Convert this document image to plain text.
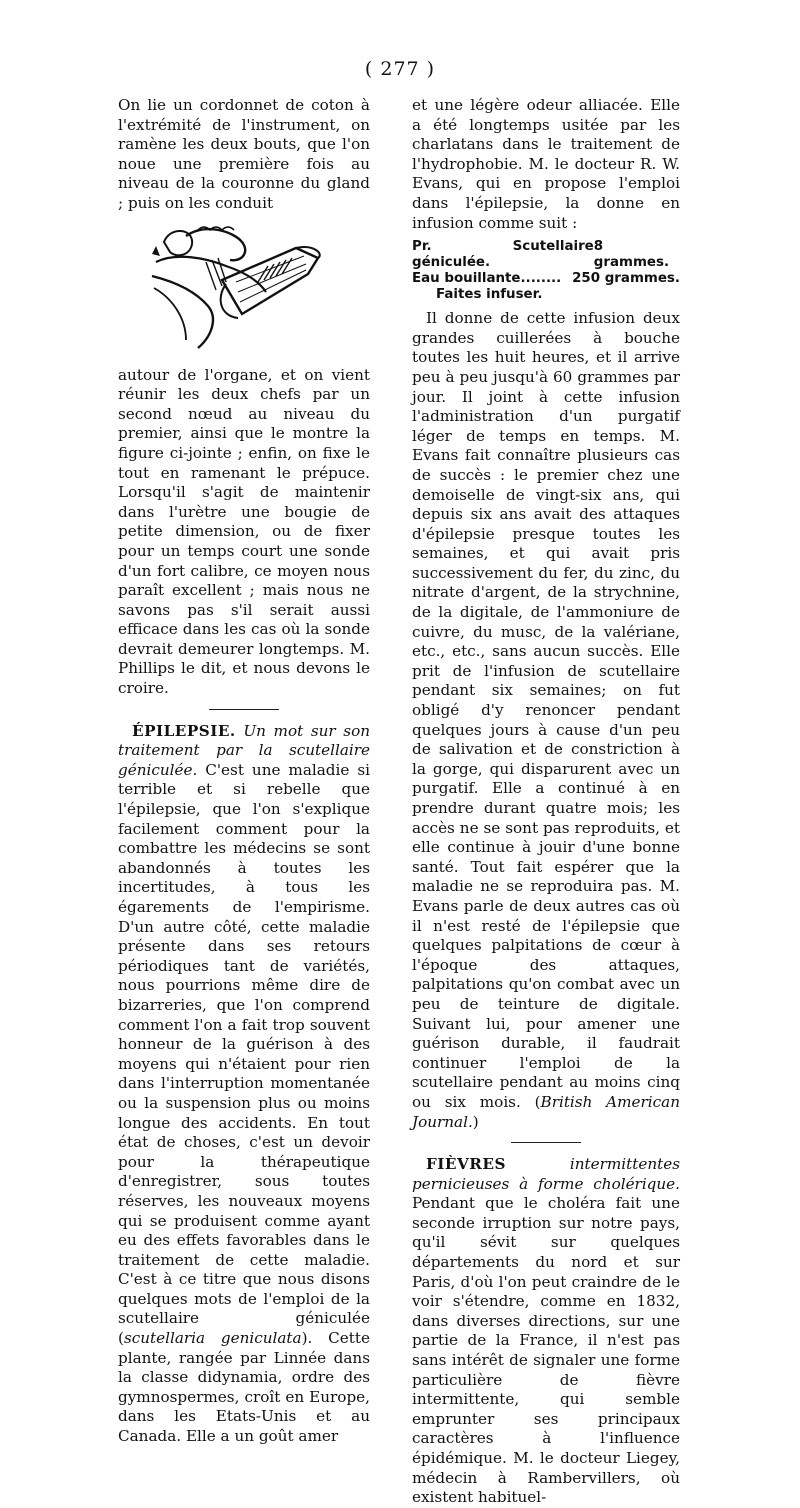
( 277 )

On lie un cordonnet de coton à l'extrémité de l'instrument, on ramène les deux bouts, que l'on noue une première fois au niveau de la couronne du gland ; puis on les conduit

autour de l'organe, et on vient réunir les deux chefs par un second nœud au niveau du premier, ainsi que le montre la figure ci-jointe ; enfin, on fixe le tout en ramenant le prépuce. Lorsqu'il s'agit de maintenir dans l'urètre une bougie de petite dimension, ou de fixer pour un temps court une sonde d'un fort calibre, ce moyen nous paraît excellent ; mais nous ne savons pas s'il serait aussi efficace dans les cas où la sonde devrait demeurer longtemps. M. Phillips le dit, et nous devons le croire.

ÉPILEPSIE. Un mot sur son traitement par la scutellaire géniculée. C'est une maladie si terrible et si rebelle que l'épilepsie, que l'on s'explique facilement comment pour la combattre les médecins se sont abandonnés à toutes les incertitudes, à tous les égarements de l'empirisme. D'un autre côté, cette maladie présente dans ses retours périodiques tant de variétés, nous pourrions même dire de bizarreries, que l'on comprend comment l'on a fait trop souvent honneur de la guérison à des moyens qui n'étaient pour rien dans l'interruption momentanée ou la suspension plus ou moins longue des accidents. En tout état de choses, c'est un devoir pour la thérapeutique d'enregistrer, sous toutes réserves, les nouveaux moyens qui se produisent comme ayant eu des effets favorables dans le traitement de cette maladie. C'est à ce titre que nous disons quelques mots de l'emploi de la scutellaire géniculée (scutellaria geniculata). Cette plante, rangée par Linnée dans la classe didynamia, ordre des gymnospermes, croît en Europe, dans les Etats-Unis et au Canada. Elle a un goût amer

et une légère odeur alliacée. Elle a été longtemps usitée par les charlatans dans le traitement de l'hydrophobie. M. le docteur R. W. Evans, qui en propose l'emploi dans l'épilepsie, la donne en infusion comme suit :

Pr. Scutellaire géniculée.
8 grammes.
Eau bouillante........ 250 grammes.
Faites infuser.

Il donne de cette infusion deux grandes cuillerées à bouche toutes les huit heures, et il arrive peu à peu jusqu'à 60 grammes par jour. Il joint à cette infusion l'administration d'un purgatif léger de temps en temps. M. Evans fait connaître plusieurs cas de succès : le premier chez une demoiselle de vingt-six ans, qui depuis six ans avait des attaques d'épilepsie presque toutes les semaines, et qui avait pris successivement du fer, du zinc, du nitrate d'argent, de la strychnine, de la digitale, de l'ammoniure de cuivre, du musc, de la valériane, etc., etc., sans aucun succès. Elle prit de l'infusion de scutellaire pendant six semaines; on fut obligé d'y renoncer pendant quelques jours à cause d'un peu de salivation et de constriction à la gorge, qui disparurent avec un purgatif. Elle a continué à en prendre durant quatre mois; les accès ne se sont pas reproduits, et elle continue à jouir d'une bonne santé. Tout fait espérer que la maladie ne se reproduira pas. M. Evans parle de deux autres cas où il n'est resté de l'épilepsie que quelques palpitations de cœur à l'époque des attaques, palpitations qu'on combat avec un peu de teinture de digitale. Suivant lui, pour amener une guérison durable, il faudrait continuer l'emploi de la scutellaire pendant au moins cinq ou six mois. (British American Journal.)

FIÈVRES	intermittentes pernicieuses à forme cholérique. Pendant que le choléra fait une seconde irruption sur notre pays, qu'il sévit sur quelques départements du nord et sur Paris, d'où l'on peut craindre de le voir s'étendre, comme en 1832, dans diverses directions, sur une partie de la France, il n'est pas sans intérêt de signaler une forme particulière de fièvre intermittente, qui semble emprunter ses principaux caractères à l'influence épidémique. M. le docteur Liegey, médecin à Rambervillers, où existent habituel-
